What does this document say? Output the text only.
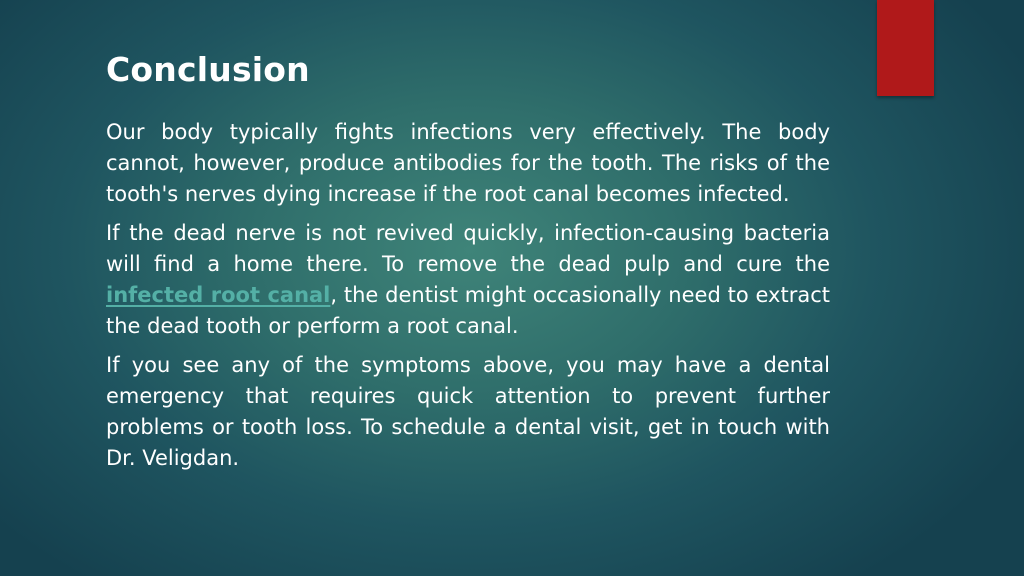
Conclusion

Our body typically fights infections very effectively. The body cannot, however, produce antibodies for the tooth. The risks of the tooth's nerves dying increase if the root canal becomes infected.

If the dead nerve is not revived quickly, infection-causing bacteria will find a home there. To remove the dead pulp and cure the infected root canal, the dentist might occasionally need to extract the dead tooth or perform a root canal.

If you see any of the symptoms above, you may have a dental emergency that requires quick attention to prevent further problems or tooth loss. To schedule a dental visit, get in touch with Dr. Veligdan.
